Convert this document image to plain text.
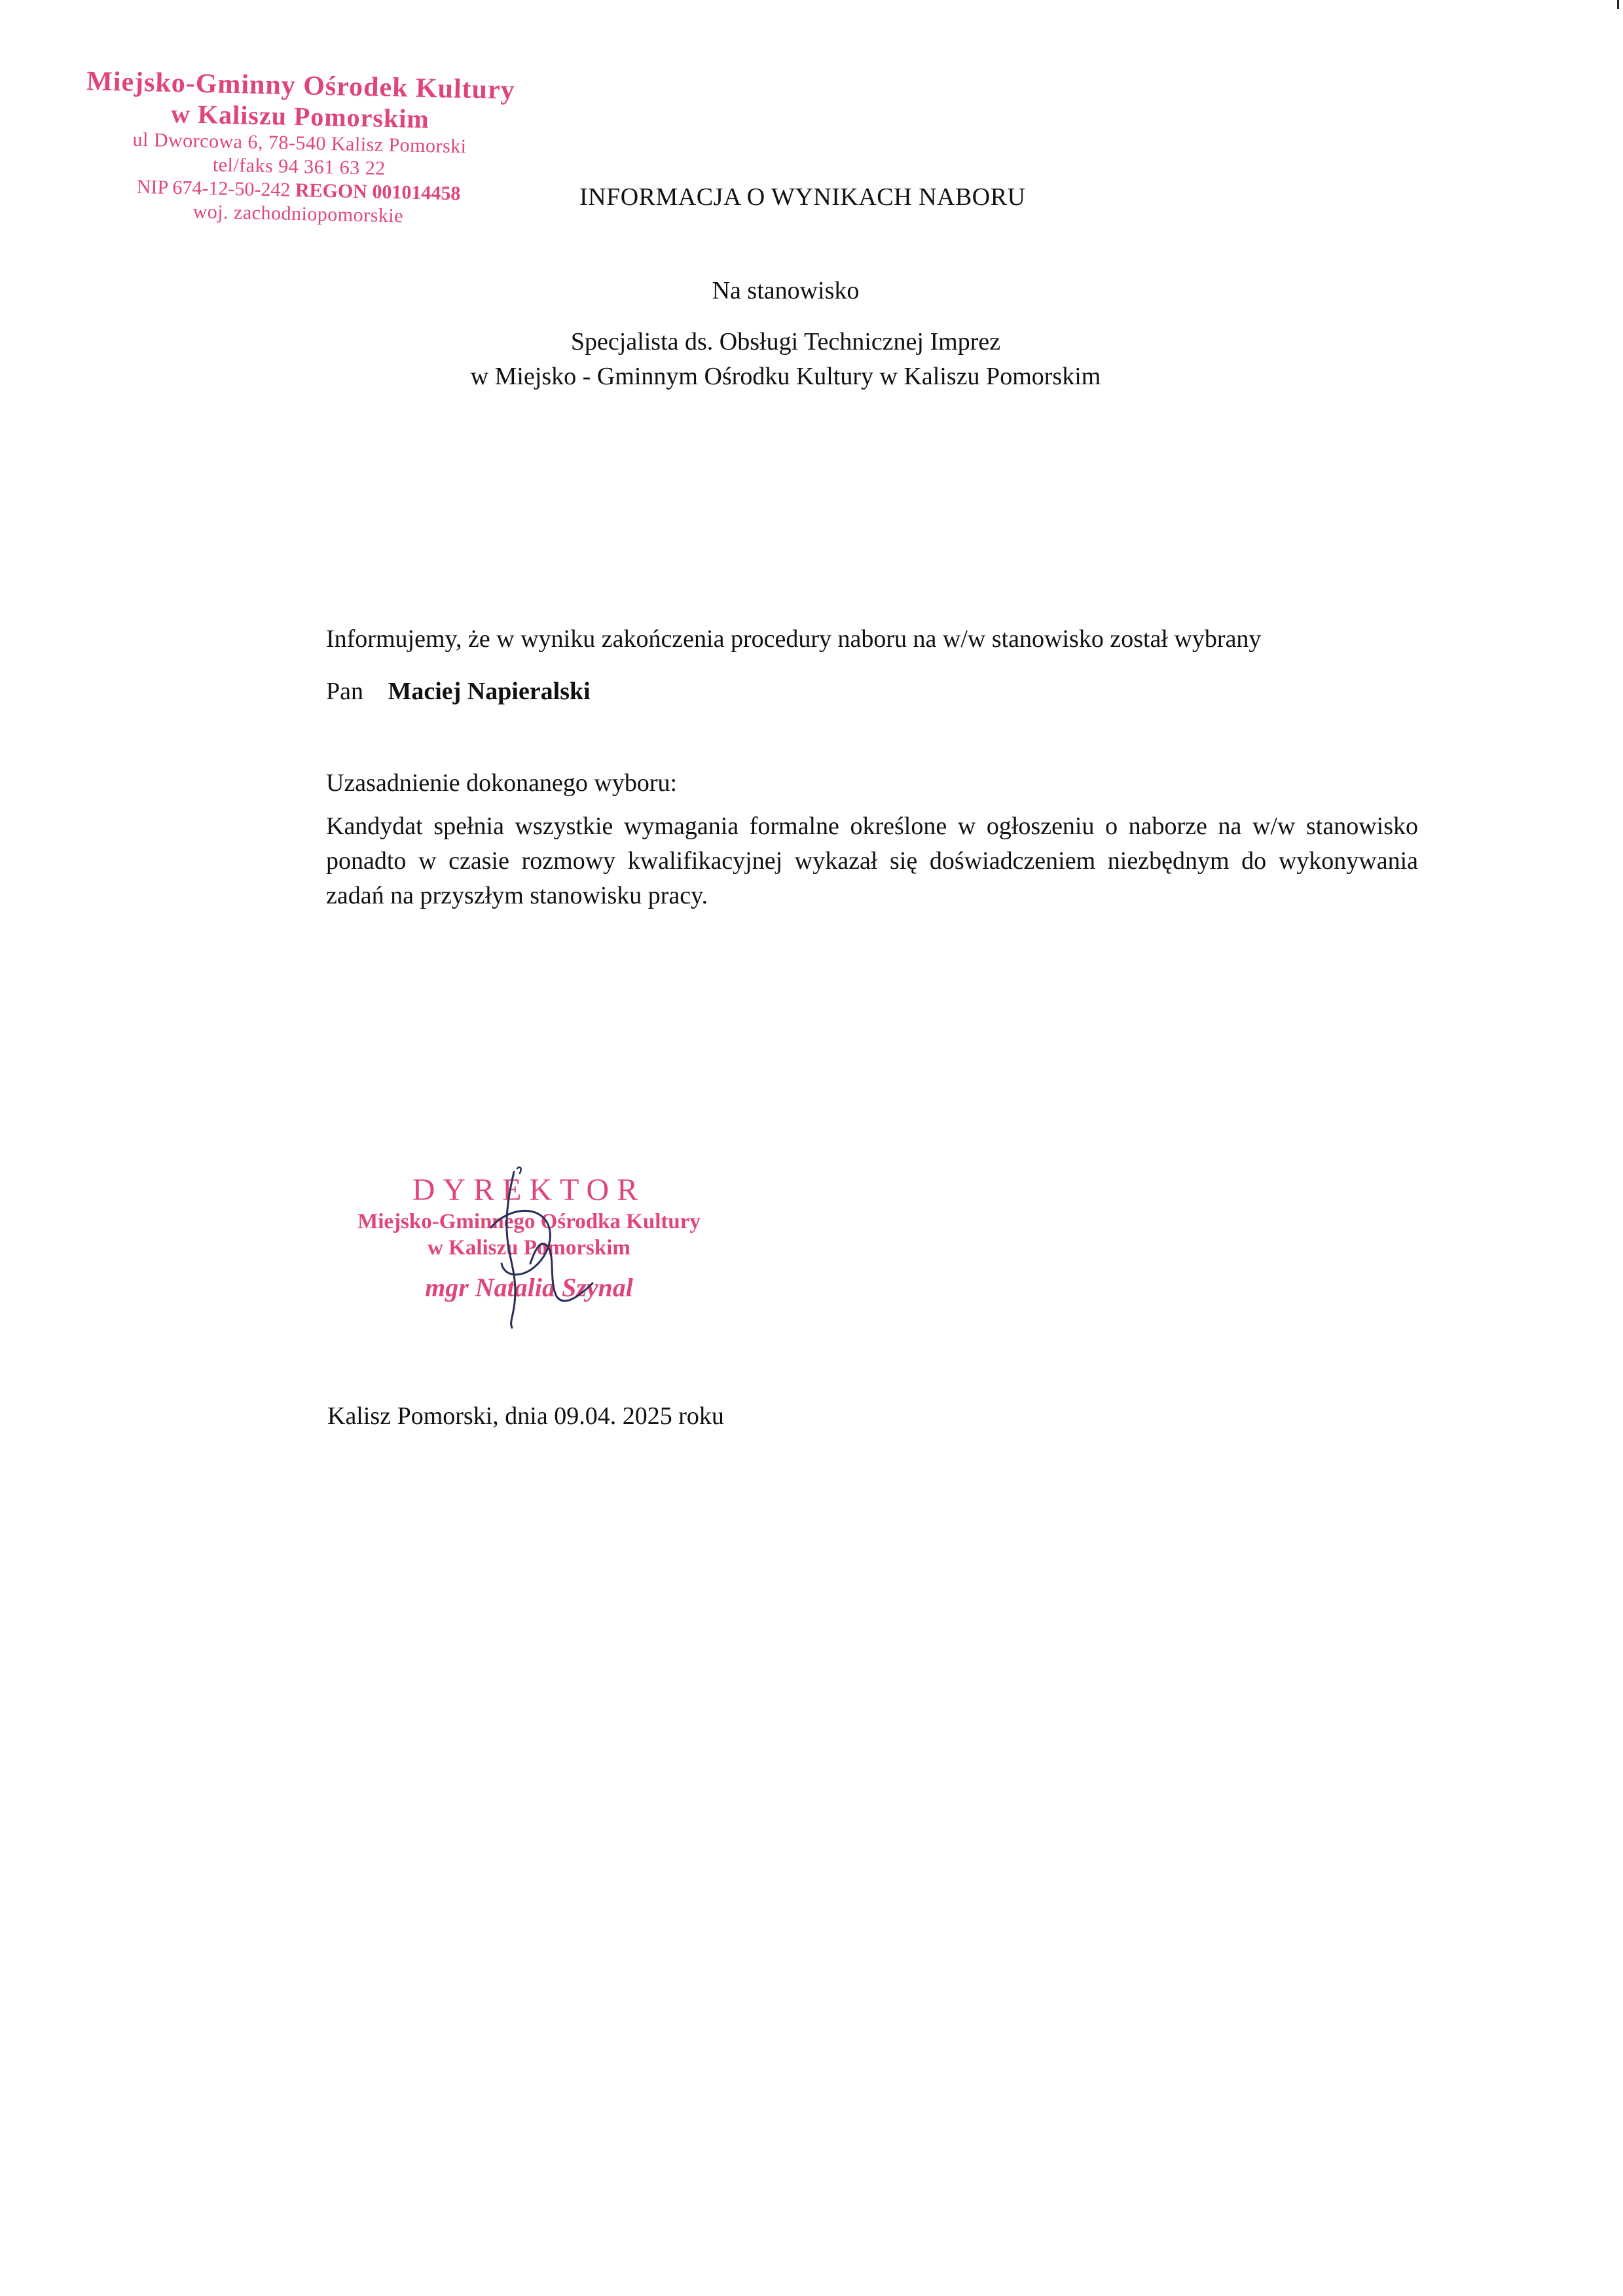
Miejsko-Gminny Ośrodek Kultury
w Kaliszu Pomorskim
ul Dworcowa 6, 78-540 Kalisz Pomorski
tel/faks 94 361 63 22
NIP 674-12-50-242 REGON 001014458
woj. zachodniopomorskie
INFORMACJA O WYNIKACH NABORU
Na stanowisko
Specjalista ds. Obsługi Technicznej Imprez
w Miejsko - Gminnym Ośrodku Kultury w Kaliszu Pomorskim
Informujemy, że w wyniku zakończenia procedury naboru na w/w stanowisko został wybrany
Pan Maciej Napieralski
Uzasadnienie dokonanego wyboru:
Kandydat spełnia wszystkie wymagania formalne określone w ogłoszeniu o naborze na w/w stanowisko ponadto w czasie rozmowy kwalifikacyjnej wykazał się doświadczeniem niezbędnym do wykonywania zadań na przyszłym stanowisku pracy.
DYREKTOR
Miejsko-Gminnego Ośrodka Kultury
w Kaliszu Pomorskim
mgr Natalia Szynal
Kalisz Pomorski, dnia 09.04. 2025 roku
